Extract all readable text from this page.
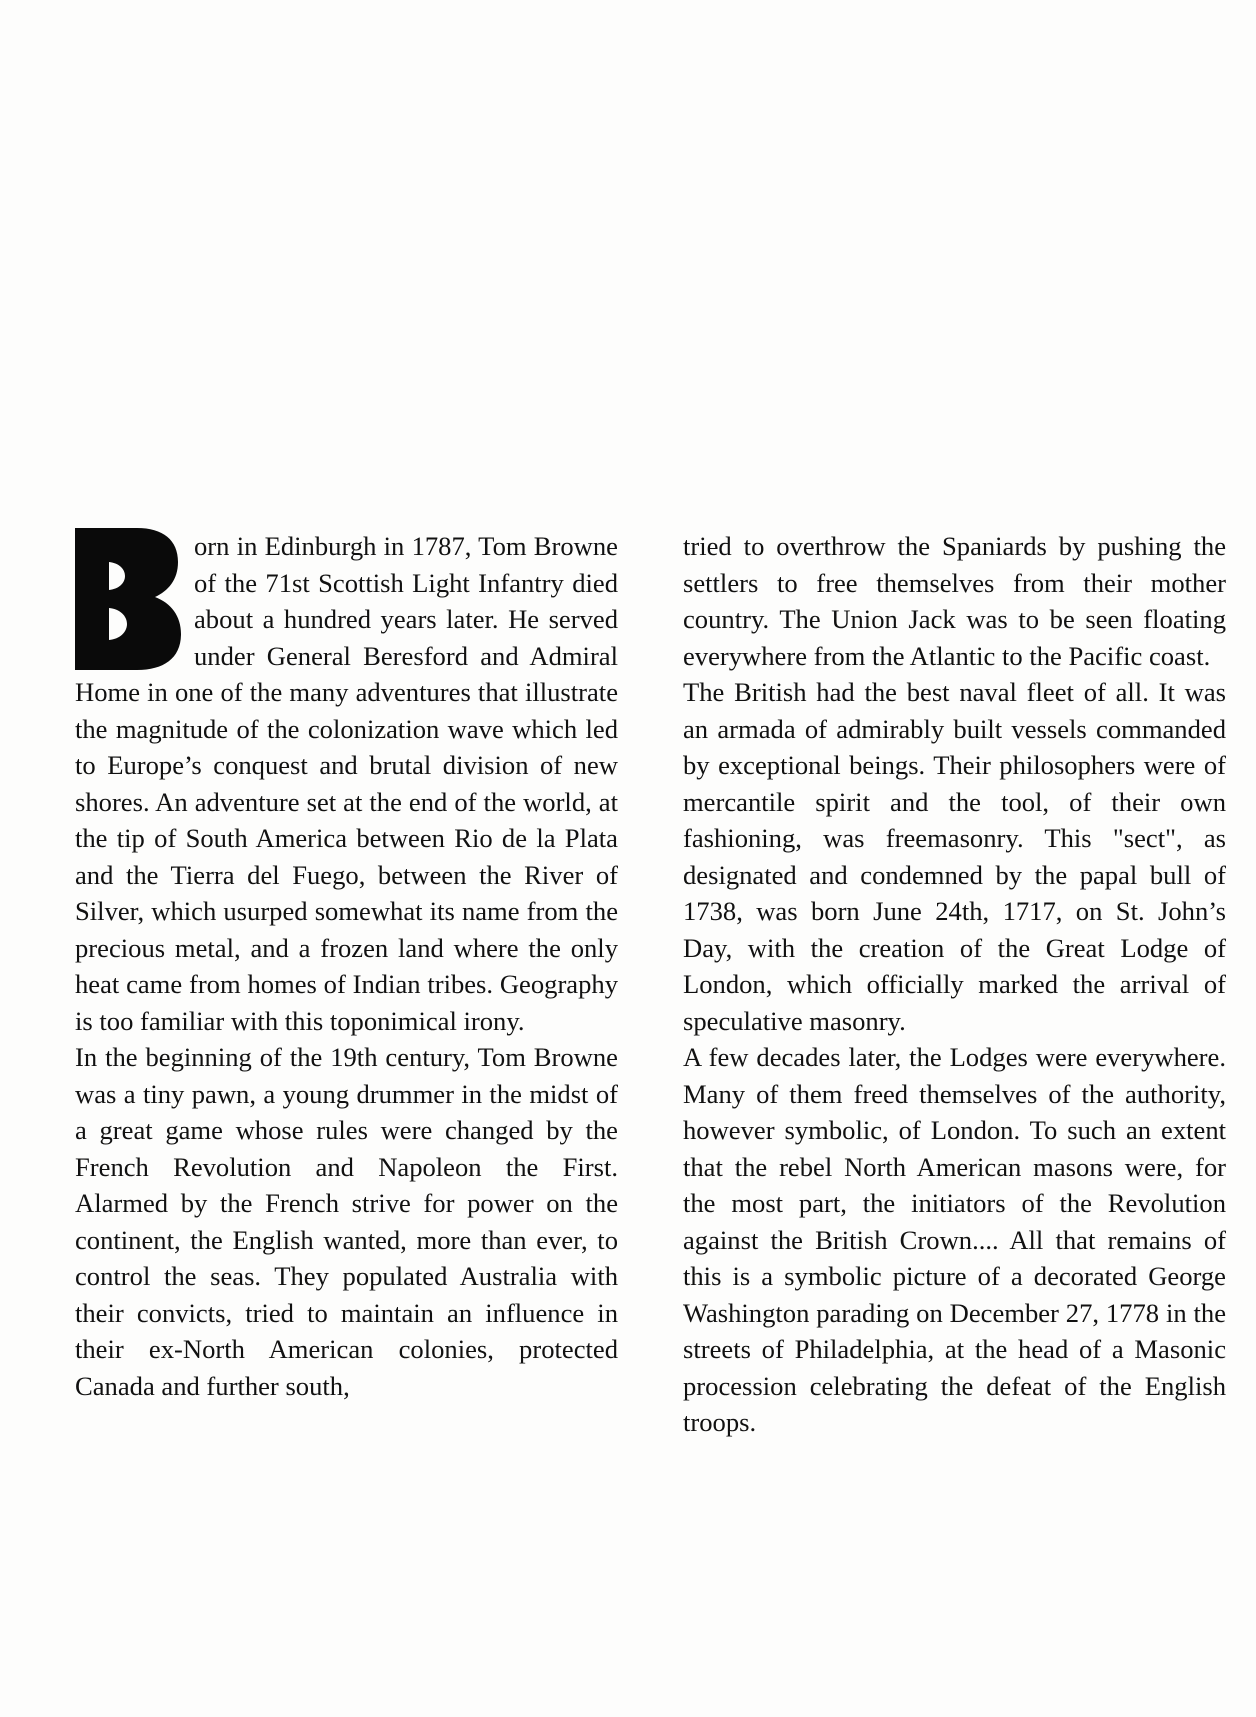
orn in Edinburgh in 1787, Tom Browne of the 71st Scottish Light Infantry died about a hundred years later. He served under General Beresford and Admiral Home in one of the many adventures that illustrate the magnitude of the colonization wave which led to Europe’s conquest and brutal division of new shores. An adventure set at the end of the world, at the tip of South America between Rio de la Plata and the Tierra del Fuego, between the River of Silver, which usurped somewhat its name from the precious metal, and a frozen land where the only heat came from homes of Indian tribes. Geography is too familiar with this toponimical irony.

In the beginning of the 19th century, Tom Browne was a tiny pawn, a young drummer in the midst of a great game whose rules were changed by the French Revolution and Napoleon the First. Alarmed by the French strive for power on the continent, the English wanted, more than ever, to control the seas. They populated Australia with their convicts, tried to maintain an influence in their ex-North American colonies, protected Canada and further south,

tried to overthrow the Spaniards by pushing the settlers to free themselves from their mother country. The Union Jack was to be seen floating everywhere from the Atlantic to the Pacific coast.

The British had the best naval fleet of all. It was an armada of admirably built vessels commanded by exceptional beings. Their philosophers were of mercantile spirit and the tool, of their own fashioning, was freemasonry. This "sect", as designated and condemned by the papal bull of 1738, was born June 24th, 1717, on St. John’s Day, with the creation of the Great Lodge of London, which officially marked the arrival of speculative masonry.

A few decades later, the Lodges were everywhere. Many of them freed themselves of the authority, however symbolic, of London. To such an extent that the rebel North American masons were, for the most part, the initiators of the Revolution against the British Crown.... All that remains of this is a symbolic picture of a decorated George Washington parading on December 27, 1778 in the streets of Philadelphia, at the head of a Masonic procession celebrating the defeat of the English troops.
